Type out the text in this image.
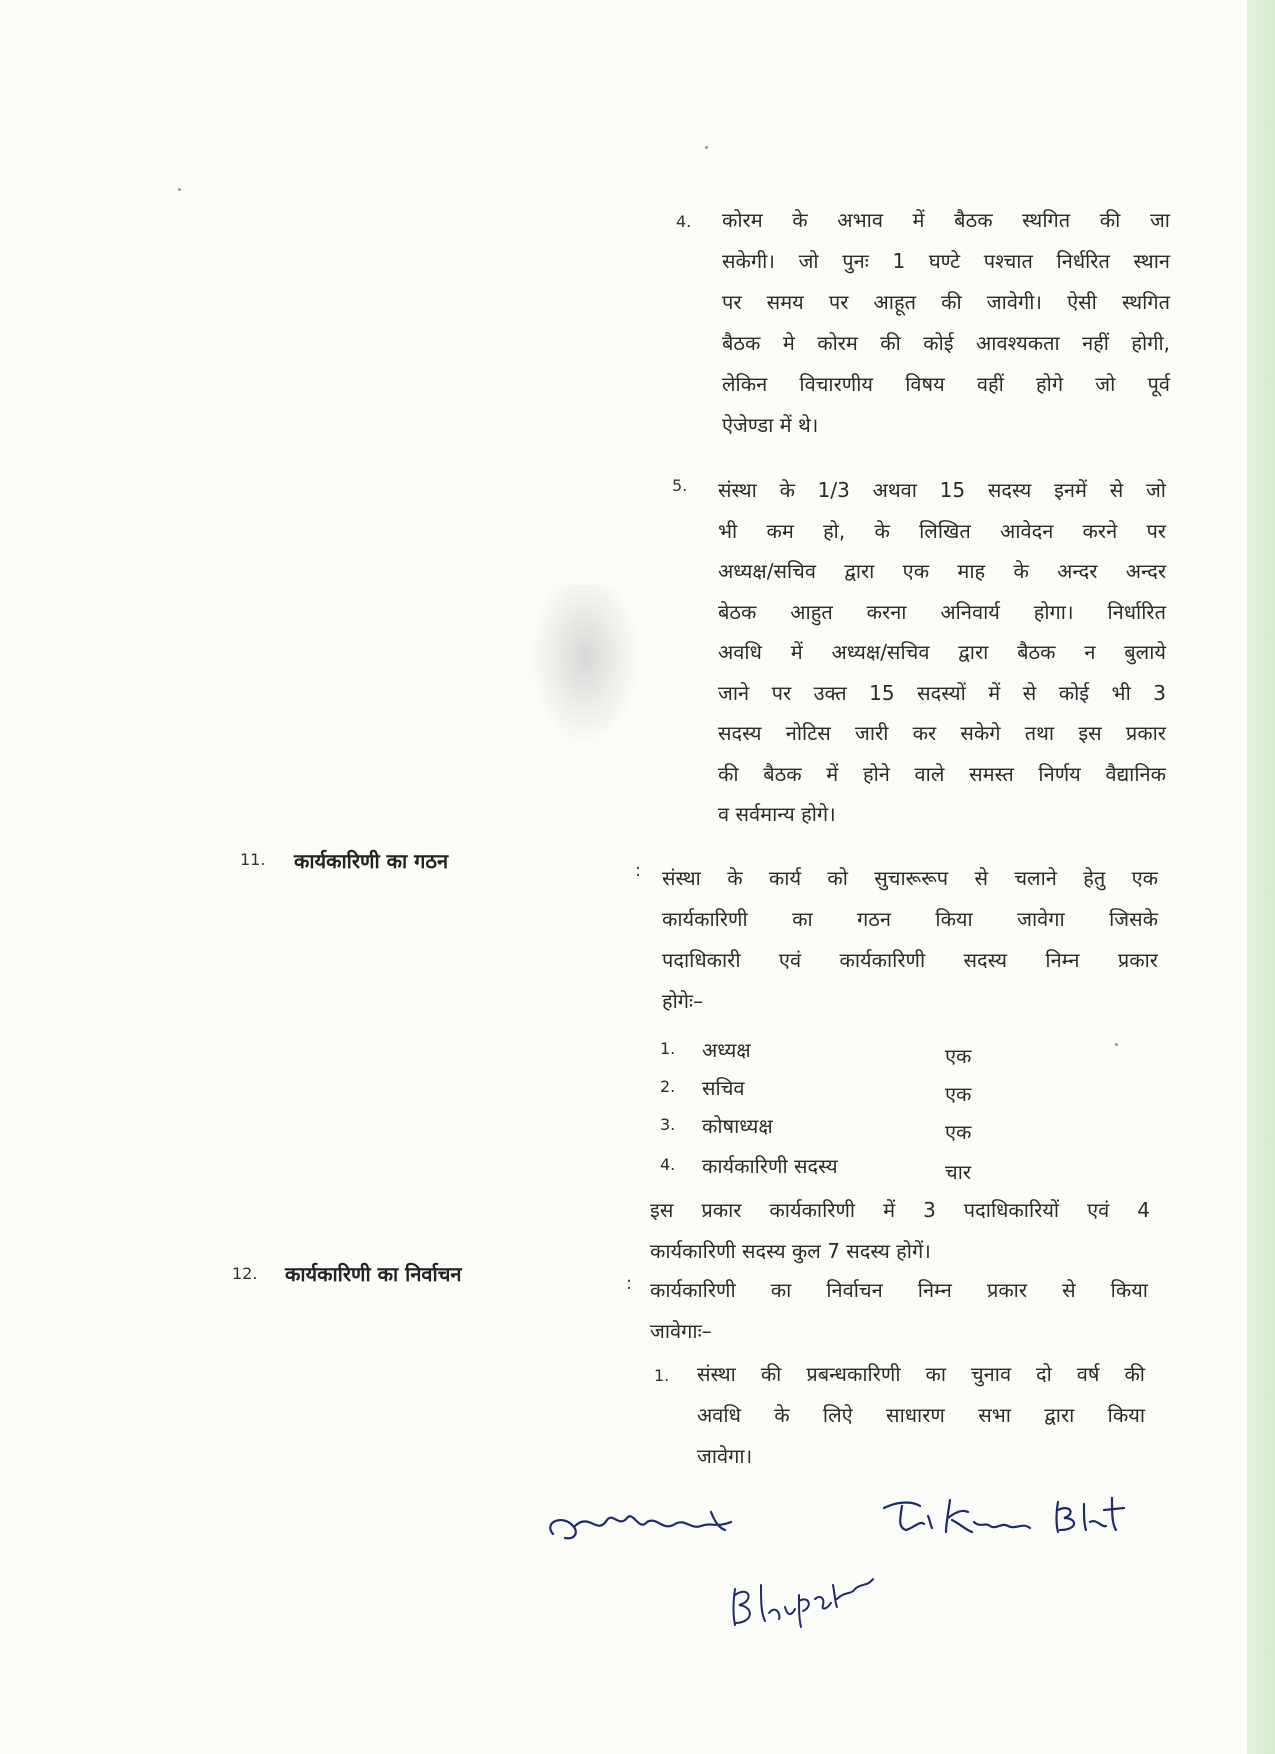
4. कोरम के अभाव में बैठक स्थगित की जा
सकेगी। जो पुनः 1 घण्टे पश्चात निर्धरित स्थान
पर समय पर आहूत की जावेगी। ऐसी स्थगित
बैठक मे कोरम की कोई आवश्यकता नहीं होगी,
लेकिन विचारणीय विषय वहीं होगे जो पूर्व
ऐजेण्डा में थे।
5. संस्था के 1/3 अथवा 15 सदस्य इनमें से जो
भी कम हो, के लिखित आवेदन करने पर
अध्यक्ष/सचिव द्वारा एक माह के अन्दर अन्दर
बेठक आहुत करना अनिवार्य होगा। निर्धारित
अवधि में अध्यक्ष/सचिव द्वारा बैठक न बुलाये
जाने पर उक्त 15 सदस्यों में से कोई भी 3
सदस्य नोटिस जारी कर सकेगे तथा इस प्रकार
की बैठक में होने वाले समस्त निर्णय वैद्यानिक
व सर्वमान्य होगे।
11. कार्यकारिणी का गठन	: संस्था के कार्य को सुचारूरूप से चलाने हेतु एक
कार्यकारिणी का गठन किया जावेगा जिसके
पदाधिकारी एवं कार्यकारिणी सदस्य निम्न प्रकार
होगेः–
1. अध्यक्ष	एक
2. सचिव	एक
3. कोषाध्यक्ष	एक
4. कार्यकारिणी सदस्य	चार
इस प्रकार कार्यकारिणी में 3 पदाधिकारियों एवं 4
कार्यकारिणी सदस्य कुल 7 सदस्य होगें।
12. कार्यकारिणी का निर्वाचन	: कार्यकारिणी का निर्वाचन निम्न प्रकार से किया
जावेगाः–
1. संस्था की प्रबन्धकारिणी का चुनाव दो वर्ष की
अवधि के लिऐ साधारण सभा द्वारा किया
जावेगा।
